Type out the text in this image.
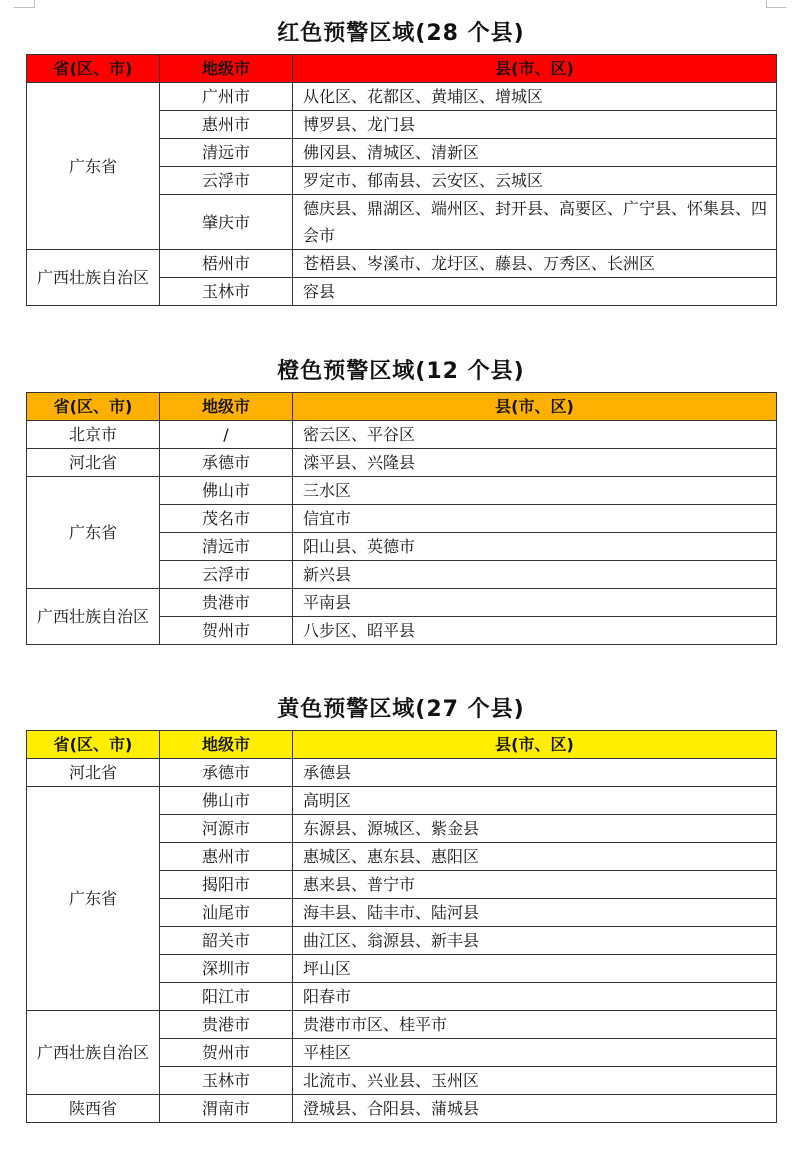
红色预警区域(28 个县)
省(区、市)	地级市	县(市、区)
广东省	广州市	从化区、花都区、黄埔区、增城区
	惠州市	博罗县、龙门县
	清远市	佛冈县、清城区、清新区
	云浮市	罗定市、郁南县、云安区、云城区
	肇庆市	德庆县、鼎湖区、端州区、封开县、高要区、广宁县、怀集县、四会市
广西壮族自治区	梧州市	苍梧县、岑溪市、龙圩区、藤县、万秀区、长洲区
	玉林市	容县
橙色预警区域(12 个县)
省(区、市)	地级市	县(市、区)
北京市	/	密云区、平谷区
河北省	承德市	滦平县、兴隆县
广东省	佛山市	三水区
	茂名市	信宜市
	清远市	阳山县、英德市
	云浮市	新兴县
广西壮族自治区	贵港市	平南县
	贺州市	八步区、昭平县
黄色预警区域(27 个县)
省(区、市)	地级市	县(市、区)
河北省	承德市	承德县
广东省	佛山市	高明区
	河源市	东源县、源城区、紫金县
	惠州市	惠城区、惠东县、惠阳区
	揭阳市	惠来县、普宁市
	汕尾市	海丰县、陆丰市、陆河县
	韶关市	曲江区、翁源县、新丰县
	深圳市	坪山区
	阳江市	阳春市
广西壮族自治区	贵港市	贵港市市区、桂平市
	贺州市	平桂区
	玉林市	北流市、兴业县、玉州区
陕西省	渭南市	澄城县、合阳县、蒲城县
